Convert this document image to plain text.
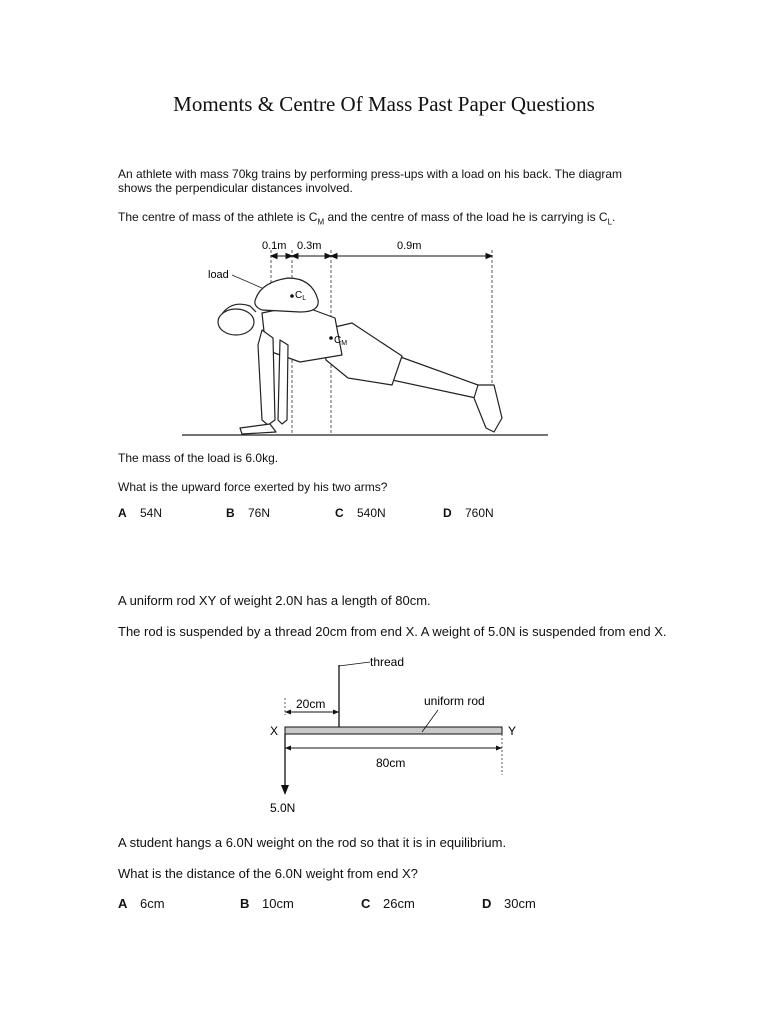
Moments & Centre Of Mass Past Paper Questions
An athlete with mass 70kg trains by performing press-ups with a load on his back. The diagram
shows the perpendicular distances involved.
The centre of mass of the athlete is $C_M$ and the centre of mass of the load he is carrying is $C_L$.
0.1m 0.3m	0.9m
load
$C_L$
$C_M$
The mass of the load is 6.0kg.
What is the upward force exerted by his two arms?
A 54N	B 76N	C 540N	D 760N
A uniform rod XY of weight 2.0N has a length of 80cm.
The rod is suspended by a thread 20cm from end X. A weight of 5.0N is suspended from end X.
thread
20cm	uniform rod
X	Y
80cm
5.0N
A student hangs a 6.0N weight on the rod so that it is in equilibrium.
What is the distance of the 6.0N weight from end X?
A 6cm	B 10cm	C 26cm	D 30cm
